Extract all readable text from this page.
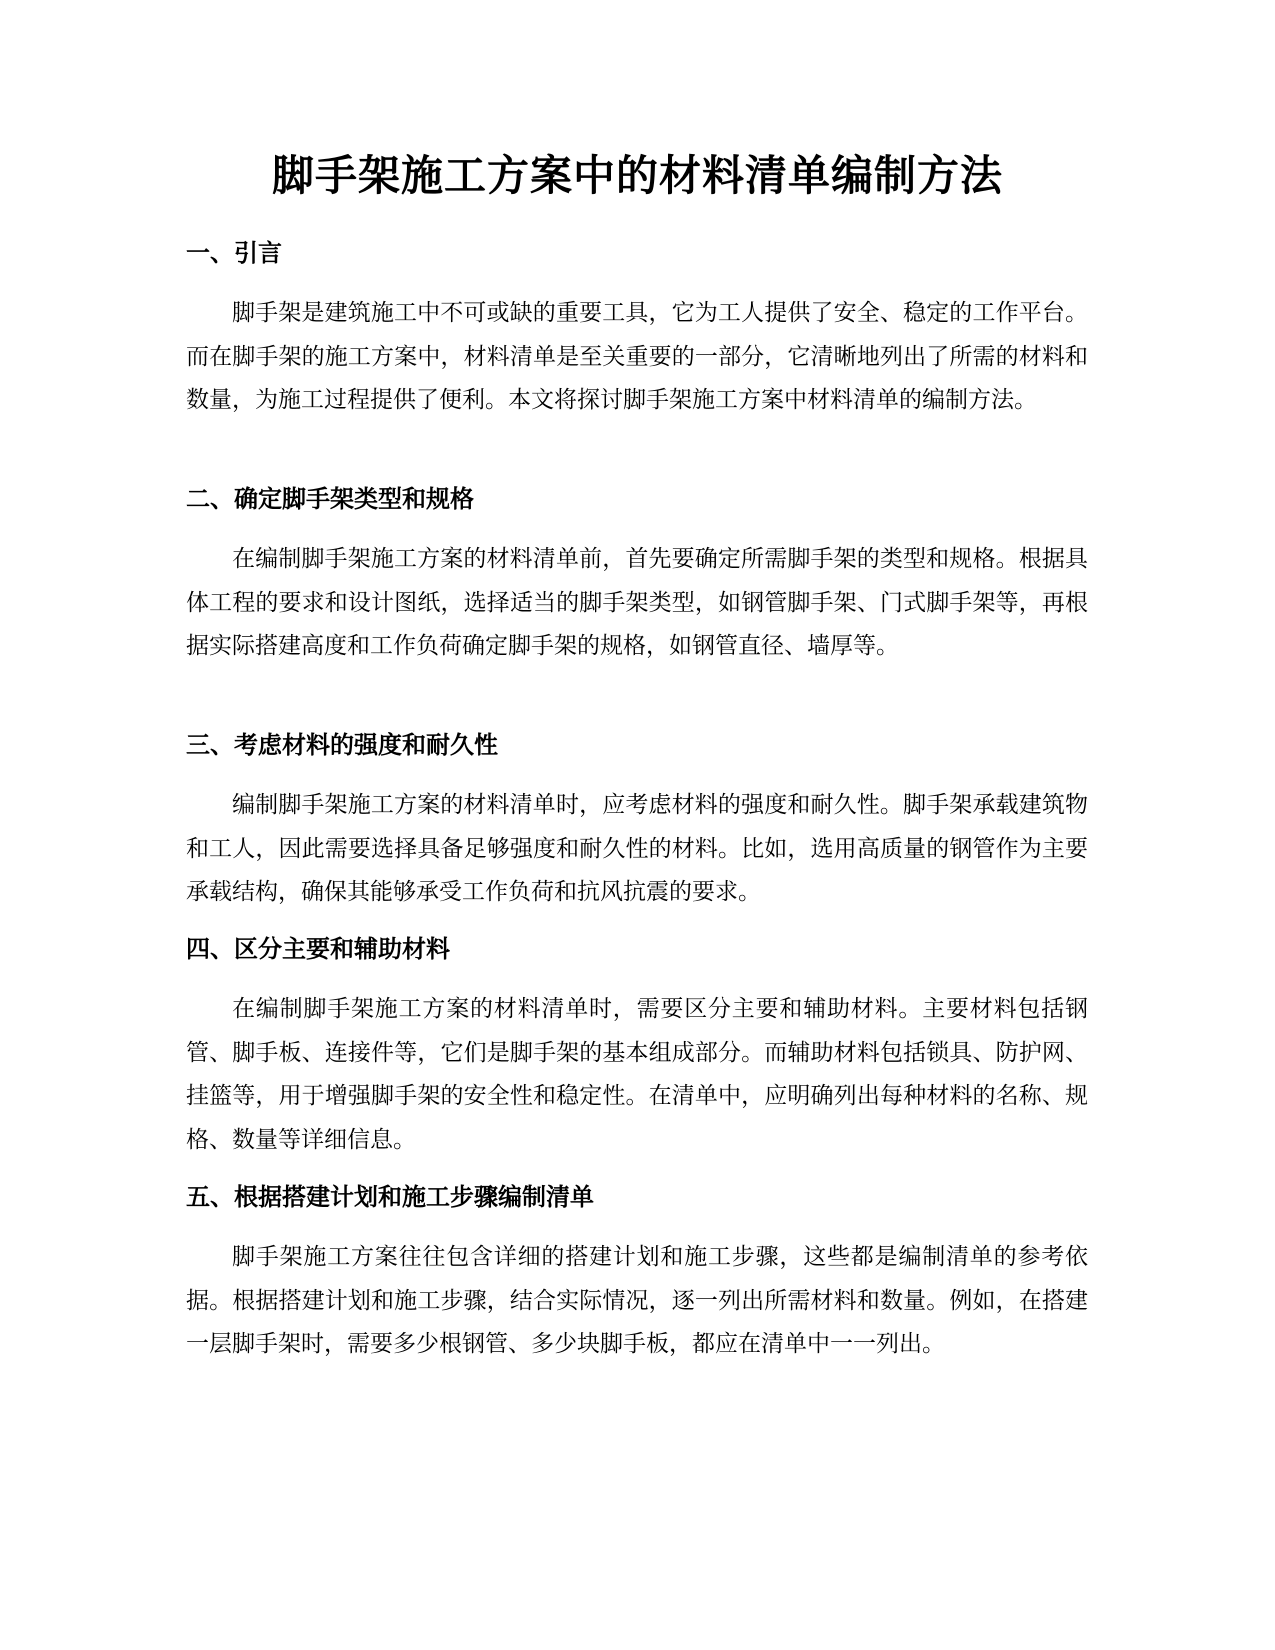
脚手架施工方案中的材料清单编制方法
一、引言

脚手架是建筑施工中不可或缺的重要工具，它为工人提供了安全、稳定的工作平台。而在脚手架的施工方案中，材料清单是至关重要的一部分，它清晰地列出了所需的材料和数量，为施工过程提供了便利。本文将探讨脚手架施工方案中材料清单的编制方法。

二、确定脚手架类型和规格

在编制脚手架施工方案的材料清单前，首先要确定所需脚手架的类型和规格。根据具体工程的要求和设计图纸，选择适当的脚手架类型，如钢管脚手架、门式脚手架等，再根据实际搭建高度和工作负荷确定脚手架的规格，如钢管直径、墙厚等。

三、考虑材料的强度和耐久性

编制脚手架施工方案的材料清单时，应考虑材料的强度和耐久性。脚手架承载建筑物和工人，因此需要选择具备足够强度和耐久性的材料。比如，选用高质量的钢管作为主要承载结构，确保其能够承受工作负荷和抗风抗震的要求。

四、区分主要和辅助材料

在编制脚手架施工方案的材料清单时，需要区分主要和辅助材料。主要材料包括钢管、脚手板、连接件等，它们是脚手架的基本组成部分。而辅助材料包括锁具、防护网、挂篮等，用于增强脚手架的安全性和稳定性。在清单中，应明确列出每种材料的名称、规格、数量等详细信息。

五、根据搭建计划和施工步骤编制清单

脚手架施工方案往往包含详细的搭建计划和施工步骤，这些都是编制清单的参考依据。根据搭建计划和施工步骤，结合实际情况，逐一列出所需材料和数量。例如，在搭建一层脚手架时，需要多少根钢管、多少块脚手板，都应在清单中一一列出。
